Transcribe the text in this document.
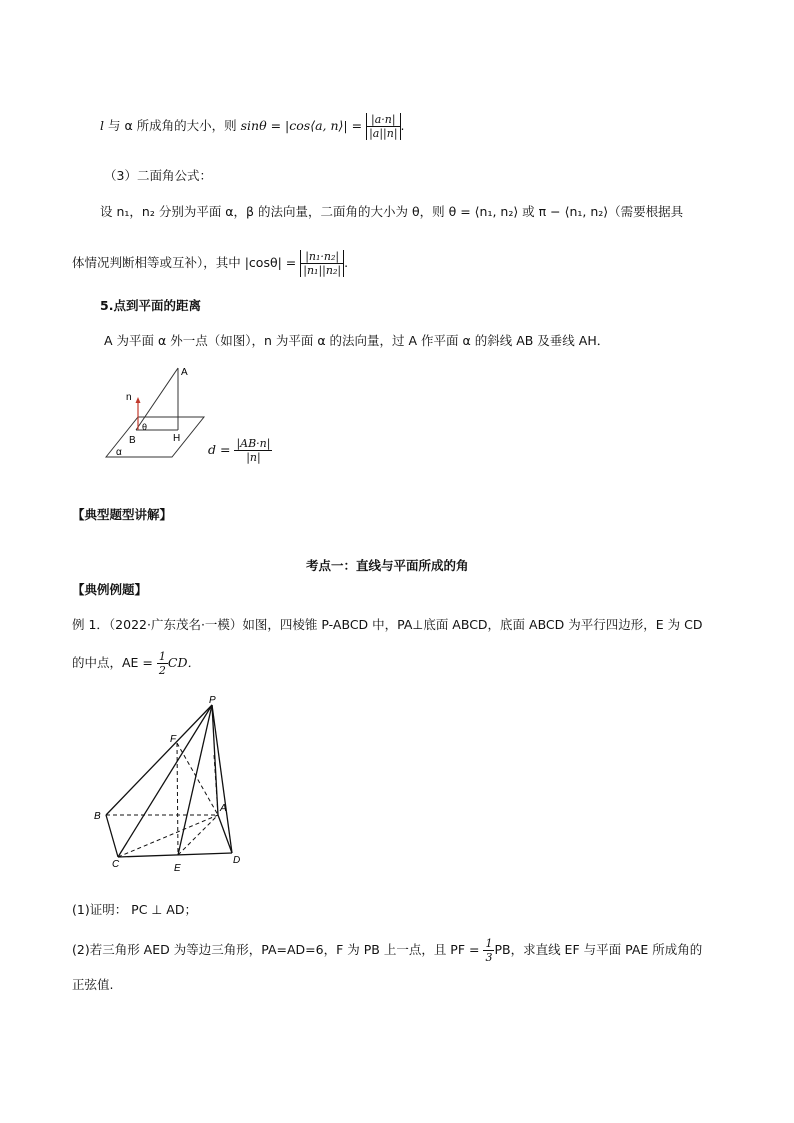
l 与 α 所成角的大小，则 sinθ = |cos⟨a, n⟩| = $\frac{|a\cdot n|}{|a||n|}$ .
（3）二面角公式：
设 n₁，n₂ 分别为平面 α，β 的法向量，二面角的大小为 θ，则 θ = ⟨n₁, n₂⟩ 或 π − ⟨n₁, n₂⟩（需要根据具
体情况判断相等或互补），其中 $|\cos\theta| = \frac{\text{|n₁·n₂|}}{\text{|n₁||n₂|}}$ .
5.点到平面的距离
A 为平面 α 外一点（如图），n 为平面 α 的法向量，过 A 作平面 α 的斜线 AB 及垂线 AH．
A
n
θ
B	H
α	$d = \frac{|AB\cdot n|}{|n|}$
【典型题型讲解】
考点一：直线与平面所成的角
【典例例题】
例 1．（2022·广东茂名·一模）如图，四棱锥 P-ABCD 中，PA⊥底面 ABCD，底面 ABCD 为平行四边形，E 为 CD
的中点，AE = $\frac{1}{2}$ CD．
P
F
B
A
C	E
D
(1)证明： PC ⊥ AD；
(2)若三角形 AED 为等边三角形，PA=AD=6，F 为 PB 上一点，且 PF = $\frac{1}{3}$ PB，求直线 EF 与平面 PAE 所成角的
正弦值.
